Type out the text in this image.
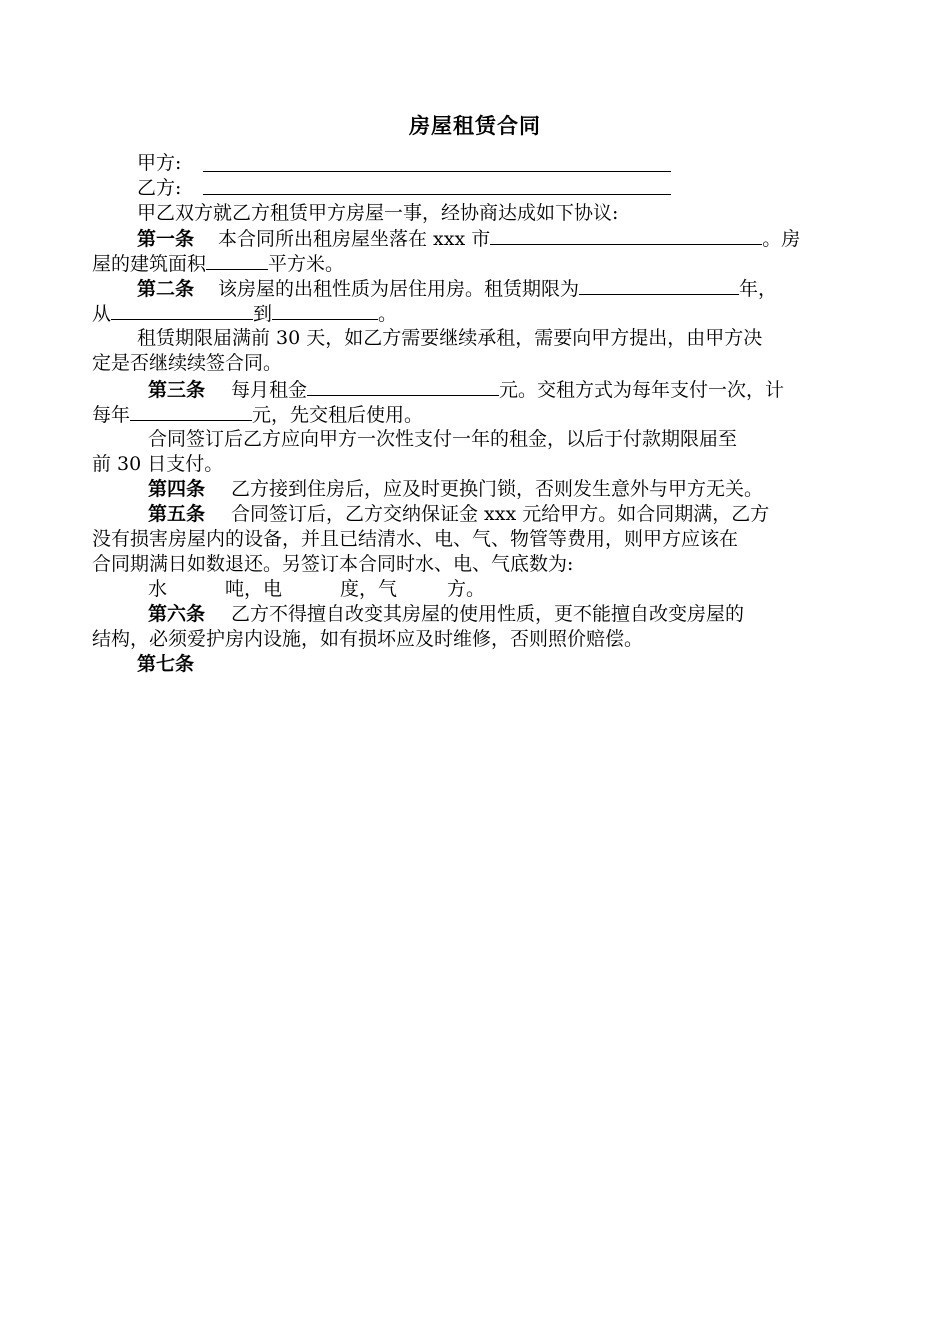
房屋租赁合同
甲方:
乙方:
甲乙双方就乙方租赁甲方房屋一事，经协商达成如下协议:
第一条 本合同所出租房屋坐落在 xxx 市	。房
屋的建筑面积	平方米。
第二条 该房屋的出租性质为居住用房。租赁期限为	年，
从	到	。
租赁期限届满前 30 天，如乙方需要继续承租，需要向甲方提出，由甲方决
定是否继续续签合同。
第三条 每月租金	元。交租方式为每年支付一次，计
每年	元，先交租后使用。
合同签订后乙方应向甲方一次性支付一年的租金，以后于付款期限届至
前 30 日支付。
第四条 乙方接到住房后，应及时更换门锁，否则发生意外与甲方无关。
第五条 合同签订后，乙方交纳保证金 xxx 元给甲方。如合同期满，乙方
没有损害房屋内的设备，并且已结清水、电、气、物管等费用，则甲方应该在
合同期满日如数退还。另签订本合同时水、电、气底数为:
水	吨，电	度，气	方。
第六条 乙方不得擅自改变其房屋的使用性质，更不能擅自改变房屋的
结构，必须爱护房内设施，如有损坏应及时维修，否则照价赔偿。
第七条
